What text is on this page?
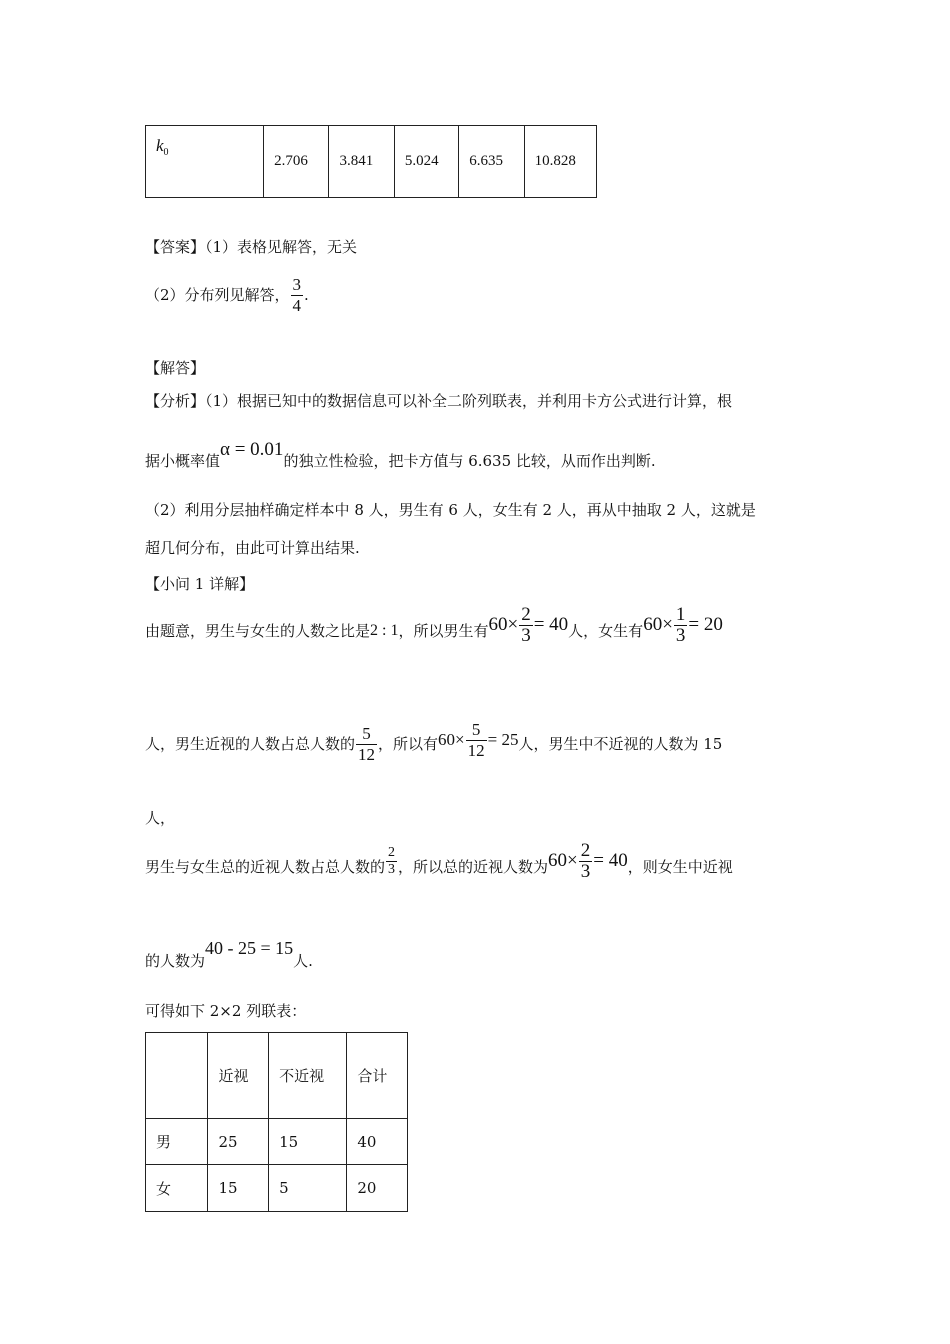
$k_0$	2.706	3.841	5.024	6.635	10.828
【答案】（1）表格见解答，无关
（2）分布列见解答， $\frac{3}{4}$ .
【解答】
【分析】（1）根据已知中的数据信息可以补全二阶列联表，并利用卡方公式进行计算，根
据小概率值
α = 0.01
的独立性检验，把卡方值与 6.635 比较，从而作出判断.
（2）利用分层抽样确定样本中 8 人，男生有 6 人，女生有 2 人，再从中抽取 2 人，这就是
超几何分布，由此可计算出结果.
【小问 1 详解】
由题意，男生与女生的人数之比是 2 : 1 ，所以男生有 $60\times \frac{2}{3} = 40$ 人，女生有 $60\times \frac{1}{3} = 20$
人，男生近视的人数占总人数的 $\frac{5}{12}$ ，所以有 $60\times \frac{5}{12} = 25$ 人，男生中不近视的人数为 15
人，
男生与女生总的近视人数占总人数的 $\frac{2}{3}$ ，所以总的近视人数为 $60\times \frac{2}{3} = 40$ ，则女生中近视
的人数为
40 - 25 = 15
人.
可得如下 2×2 列联表：
	近视	不近视	合计
男	25	15	40
女	15	5	20
